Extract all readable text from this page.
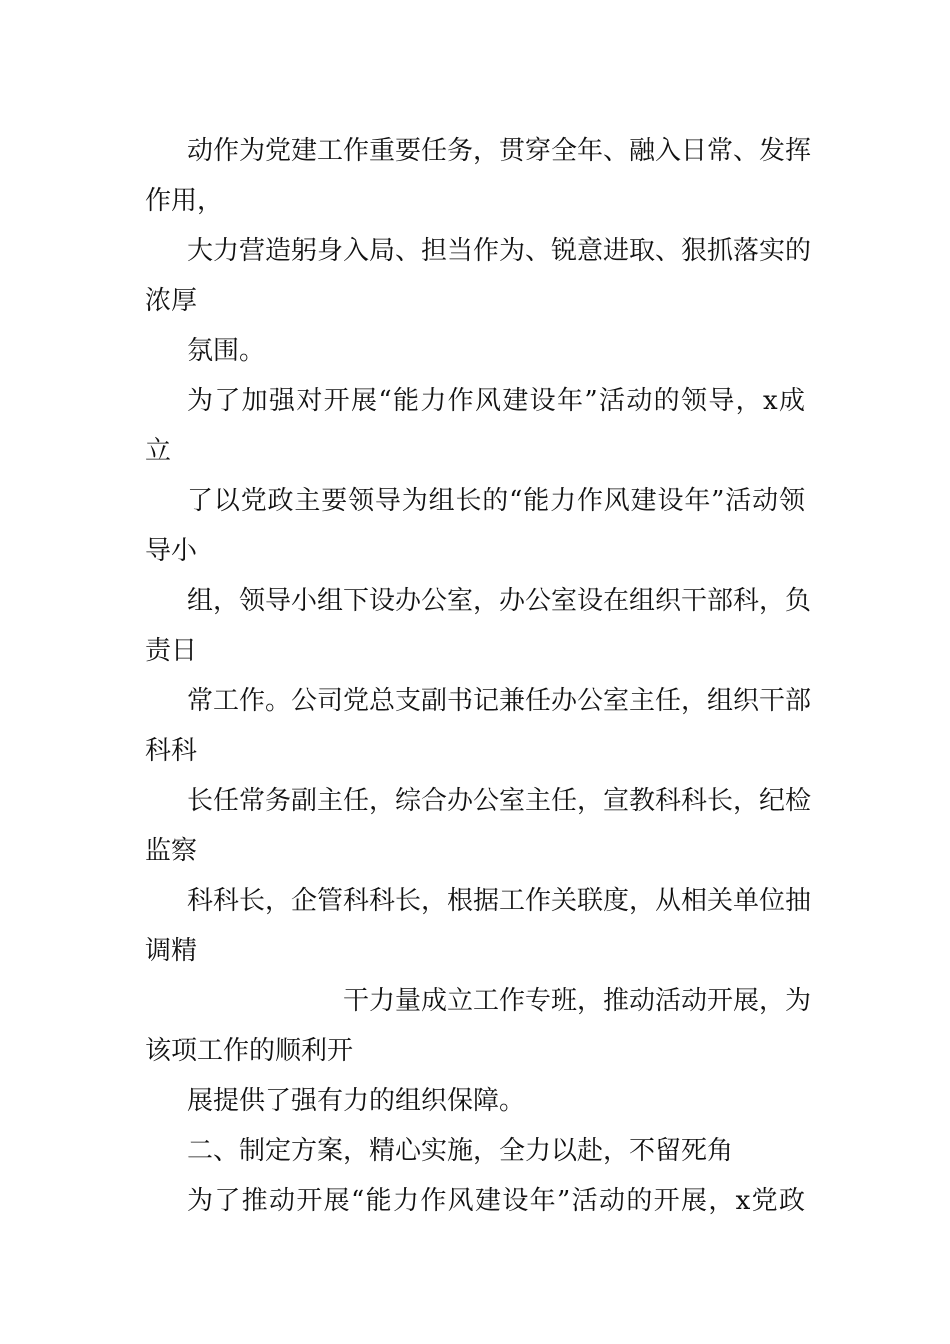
动作为党建工作重要任务，贯穿全年、融入日常、发挥
作用，
大力营造躬身入局、担当作为、锐意进取、狠抓落实的
浓厚
氛围。
为了加强对开展“能力作风建设年”活动的领导，x成
立
了以党政主要领导为组长的“能力作风建设年”活动领
导小
组，领导小组下设办公室，办公室设在组织干部科，负
责日
常工作。公司党总支副书记兼任办公室主任，组织干部
科科
长任常务副主任，综合办公室主任，宣教科科长，纪检
监察
科科长，企管科科长，根据工作关联度，从相关单位抽
调精
干力量成立工作专班，推动活动开展，为
该项工作的顺利开
展提供了强有力的组织保障。
二、制定方案，精心实施，全力以赴，不留死角
为了推动开展“能力作风建设年”活动的开展，x党政
